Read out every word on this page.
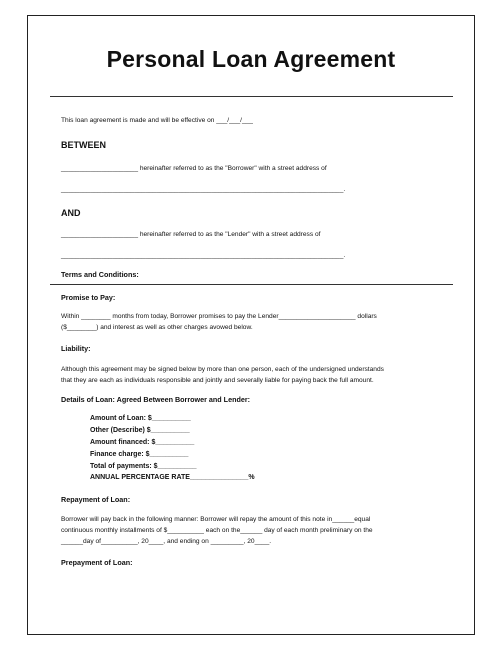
Personal Loan Agreement
This loan agreement is made and will be effective on ___/___/___
BETWEEN
_____________________ hereinafter referred to as the "Borrower" with a street address of
_____________________________________________________________________________.
AND
_____________________ hereinafter referred to as the "Lender" with a street address of
_____________________________________________________________________________.
Terms and Conditions:
Promise to Pay:
Within ________ months from today, Borrower promises to pay the Lender_____________________ dollars
($________) and interest as well as other charges avowed below.
Liability:
Although this agreement may be signed below by more than one person, each of the undersigned understands
that they are each as individuals responsible and jointly and severally liable for paying back the full amount.
Details of Loan: Agreed Between Borrower and Lender:
Amount of Loan: $__________
Other (Describe) $__________
Amount financed: $__________
Finance charge: $__________
Total of payments: $__________
ANNUAL PERCENTAGE RATE_______________%
Repayment of Loan:
Borrower will pay back in the following manner: Borrower will repay the amount of this note in______equal
continuous monthly installments of $__________ each on the______ day of each month preliminary on the
______day of__________, 20____, and ending on _________, 20____.
Prepayment of Loan:
